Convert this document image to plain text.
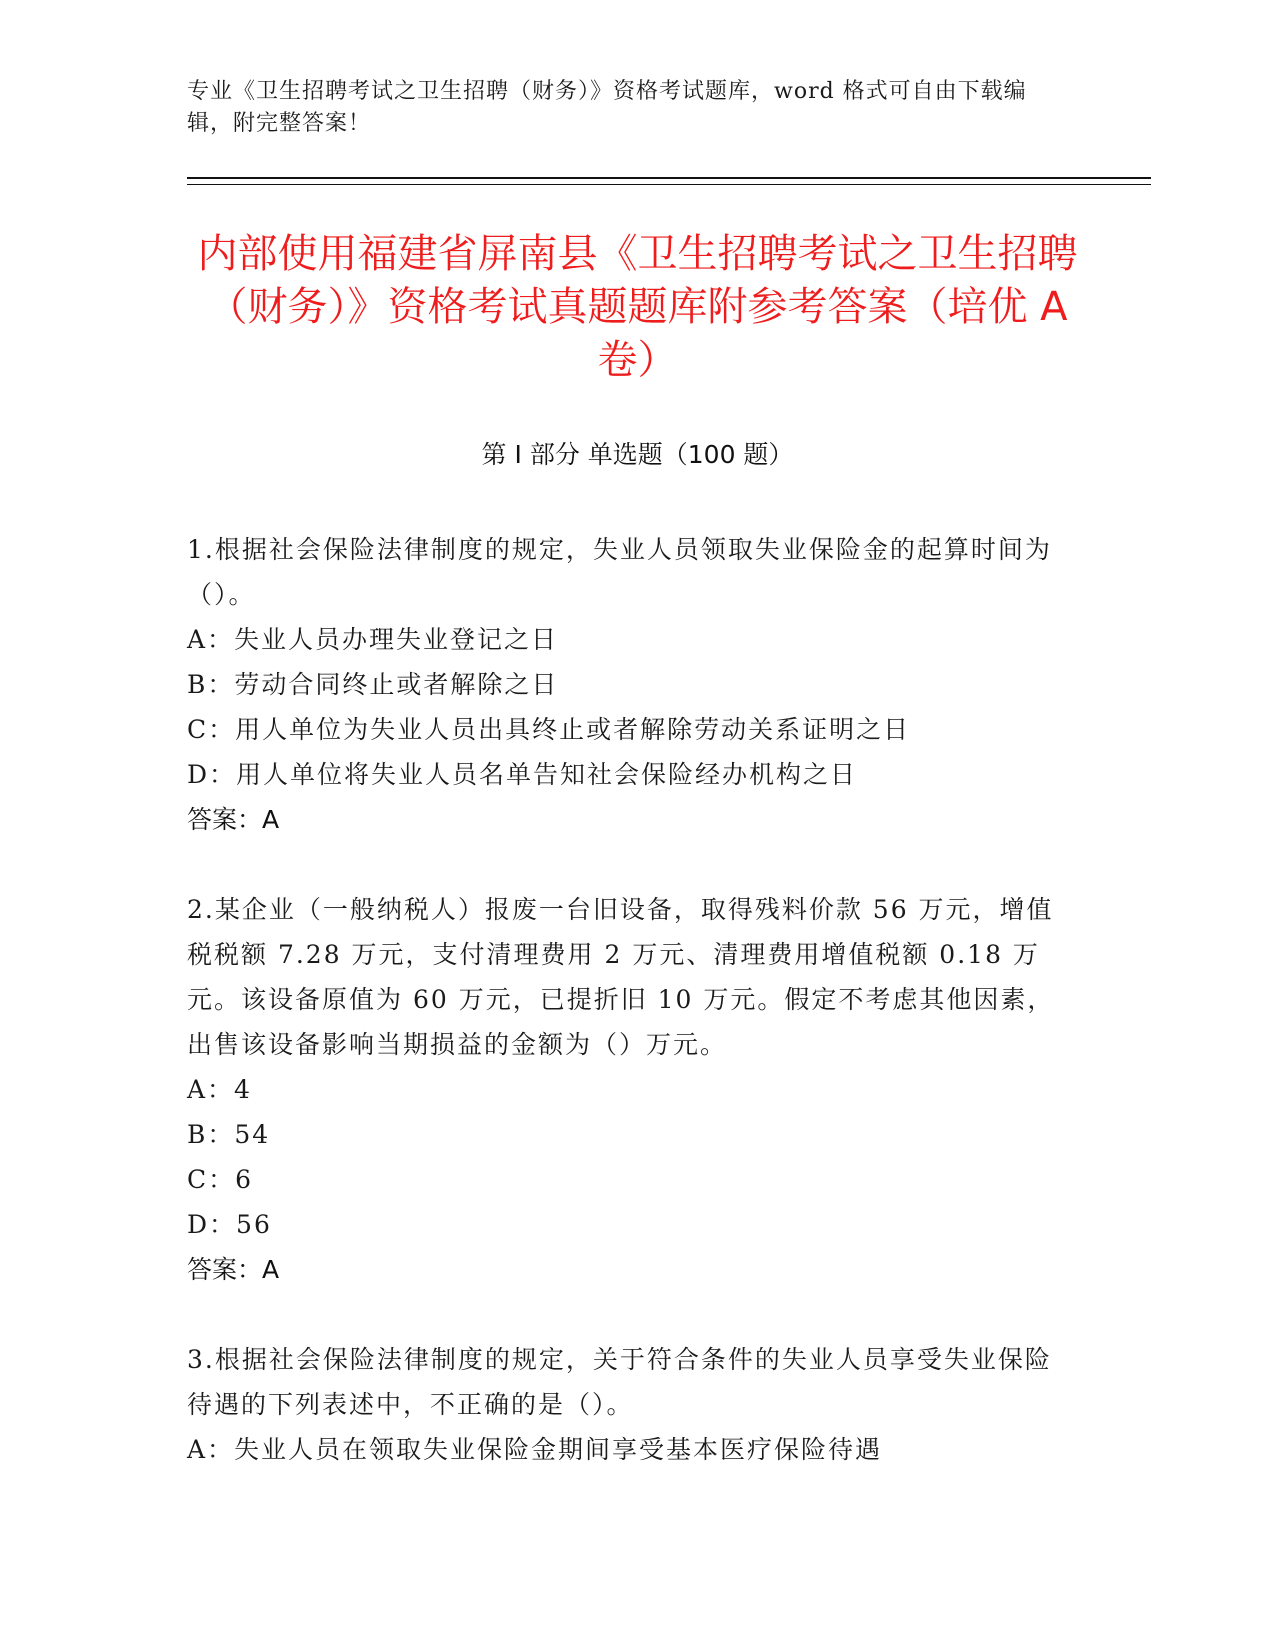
专业《卫生招聘考试之卫生招聘（财务）》资格考试题库，word 格式可自由下载编辑，附完整答案！
内部使用福建省屏南县《卫生招聘考试之卫生招聘（财务）》资格考试真题题库附参考答案（培优 A 卷）
第 I 部分 单选题（100 题）

1.根据社会保险法律制度的规定，失业人员领取失业保险金的起算时间为（）。

A：失业人员办理失业登记之日

B：劳动合同终止或者解除之日

C：用人单位为失业人员出具终止或者解除劳动关系证明之日

D：用人单位将失业人员名单告知社会保险经办机构之日

答案：A

2.某企业（一般纳税人）报废一台旧设备，取得残料价款 56 万元，增值税税额 7.28 万元，支付清理费用 2 万元、清理费用增值税额 0.18 万元。该设备原值为 60 万元，已提折旧 10 万元。假定不考虑其他因素，出售该设备影响当期损益的金额为（）万元。

A：4

B：54

C：6

D：56

答案：A

3.根据社会保险法律制度的规定，关于符合条件的失业人员享受失业保险待遇的下列表述中，不正确的是（）。

A：失业人员在领取失业保险金期间享受基本医疗保险待遇
